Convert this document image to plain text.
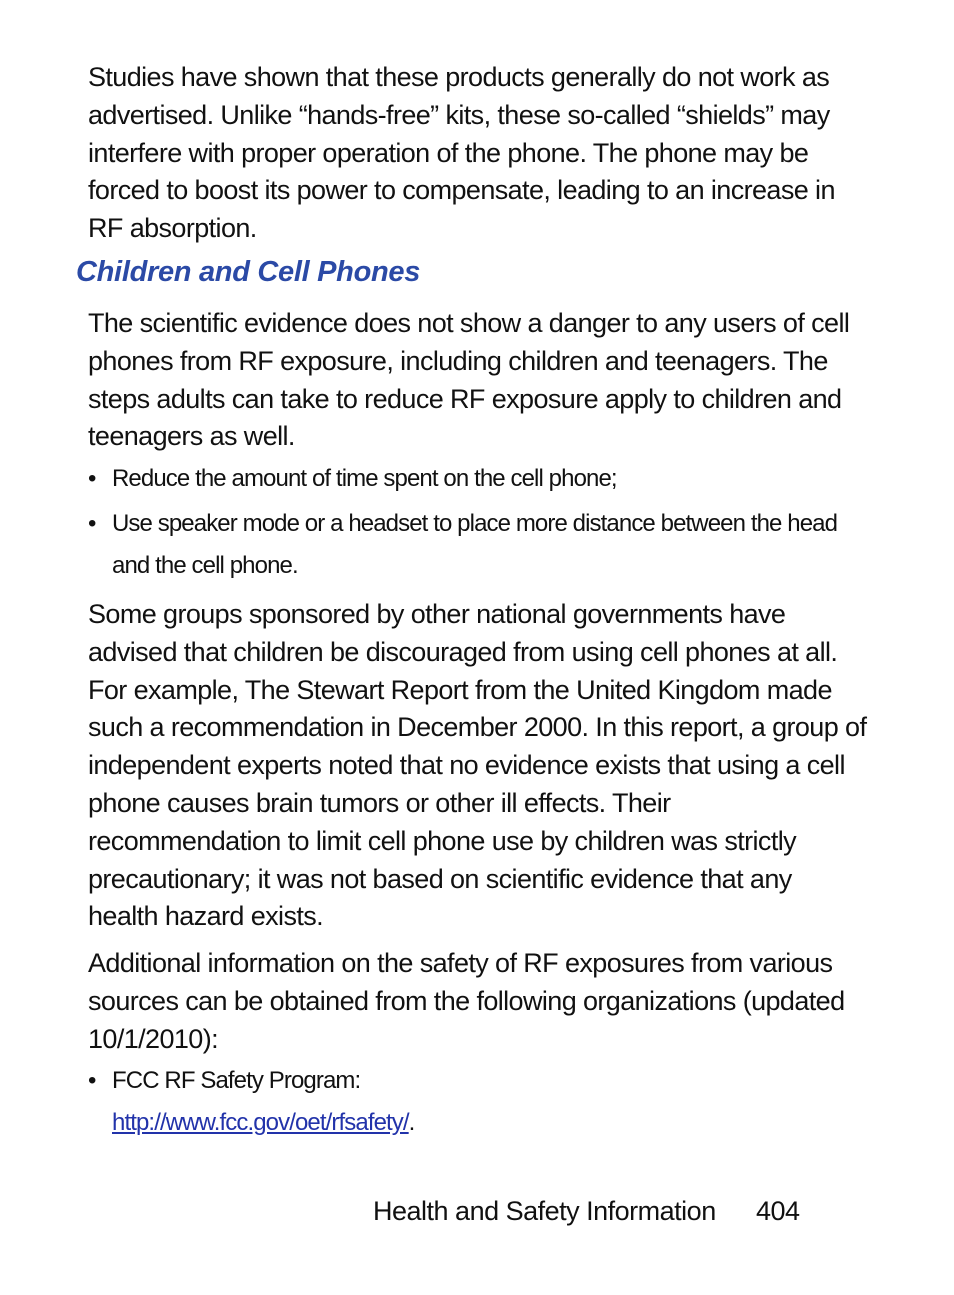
Studies have shown that these products generally do not work as advertised. Unlike “hands-free” kits, these so-called “shields” may interfere with proper operation of the phone. The phone may be forced to boost its power to compensate, leading to an increase in RF absorption.

Children and Cell Phones

The scientific evidence does not show a danger to any users of cell phones from RF exposure, including children and teenagers. The steps adults can take to reduce RF exposure apply to children and teenagers as well.

• Reduce the amount of time spent on the cell phone;
• Use speaker mode or a headset to place more distance between the head and the cell phone.

Some groups sponsored by other national governments have advised that children be discouraged from using cell phones at all. For example, The Stewart Report from the United Kingdom made such a recommendation in December 2000. In this report, a group of independent experts noted that no evidence exists that using a cell phone causes brain tumors or other ill effects. Their recommendation to limit cell phone use by children was strictly precautionary; it was not based on scientific evidence that any health hazard exists.

Additional information on the safety of RF exposures from various sources can be obtained from the following organizations (updated 10/1/2010):

• FCC RF Safety Program:
http://www.fcc.gov/oet/rfsafety/.
Health and Safety Information 404
